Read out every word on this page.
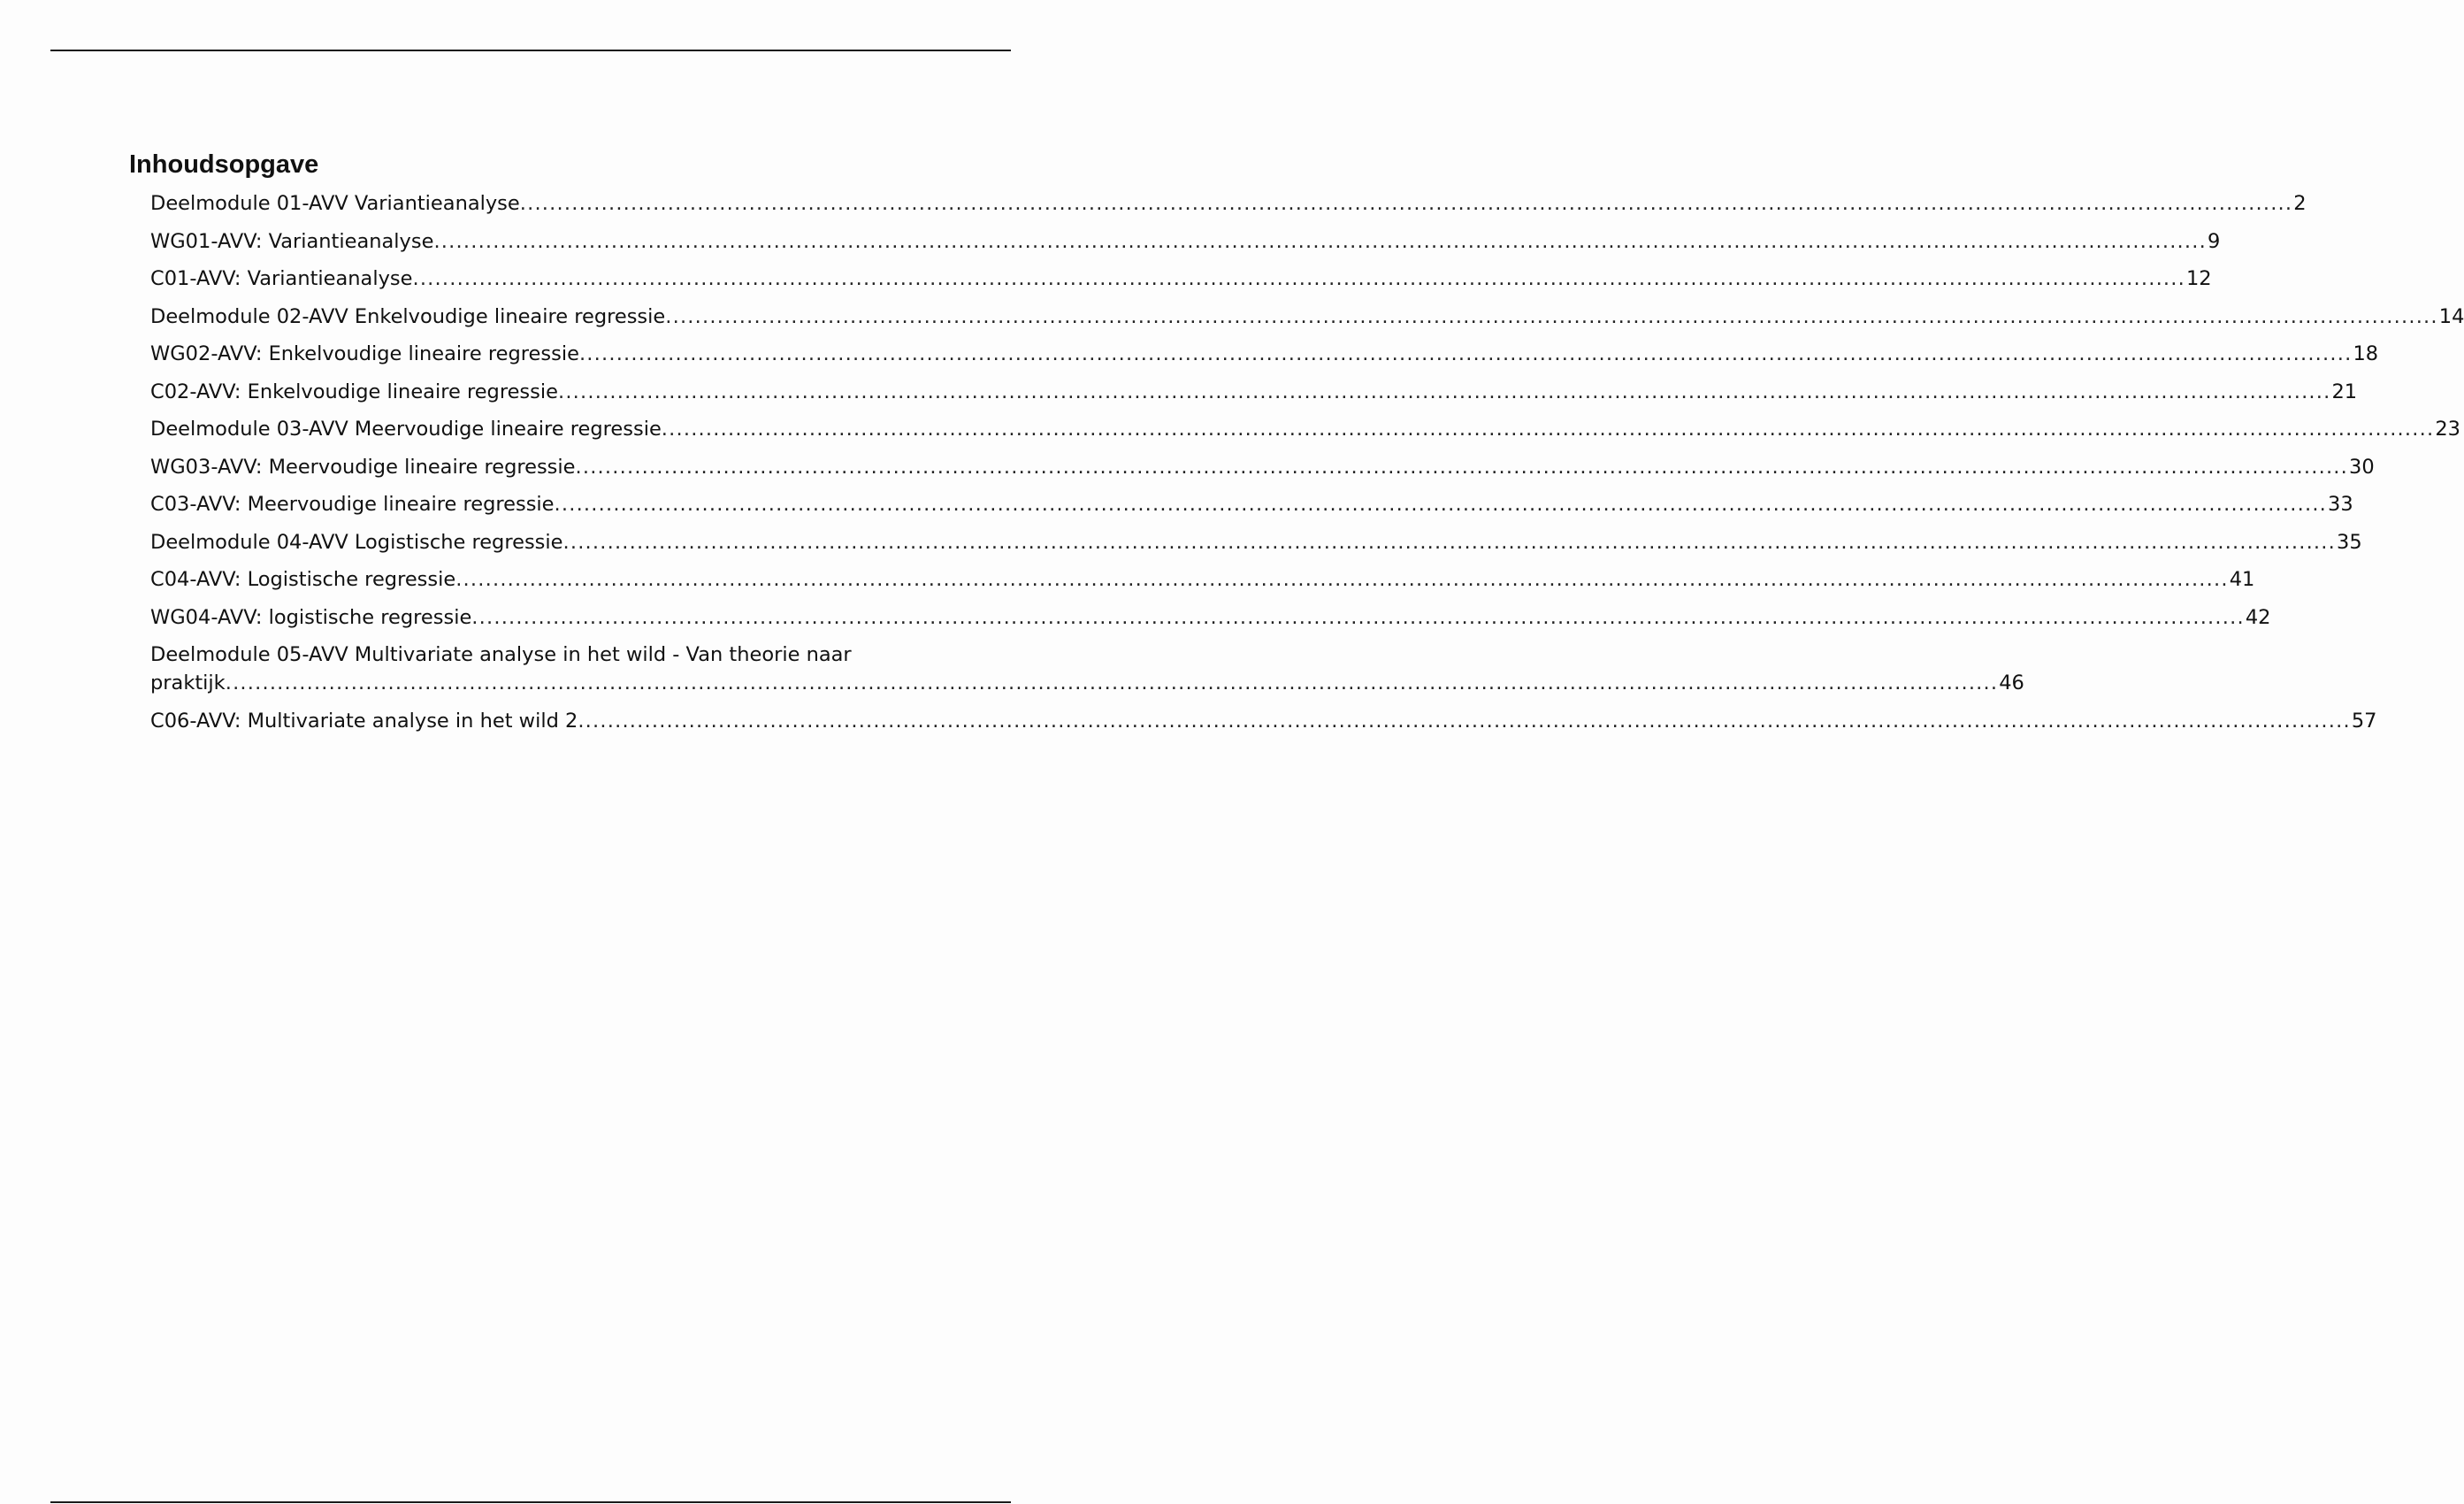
Inhoudsopgave
Deelmodule 01-AVV Variantieanalyse .....	2
WG01-AVV: Variantieanalyse .....	9
C01-AVV: Variantieanalyse .....	12
Deelmodule 02-AVV Enkelvoudige lineaire regressie .....	14
WG02-AVV: Enkelvoudige lineaire regressie .....	18
C02-AVV: Enkelvoudige lineaire regressie .....	21
Deelmodule 03-AVV Meervoudige lineaire regressie .....	23
WG03-AVV: Meervoudige lineaire regressie .....	30
C03-AVV: Meervoudige lineaire regressie .....	33
Deelmodule 04-AVV Logistische regressie .....	35
C04-AVV: Logistische regressie .....	41
WG04-AVV: logistische regressie .....	42
Deelmodule 05-AVV Multivariate analyse in het wild - Van theorie naar
praktijk .....	46
C06-AVV: Multivariate analyse in het wild 2 .....	57
